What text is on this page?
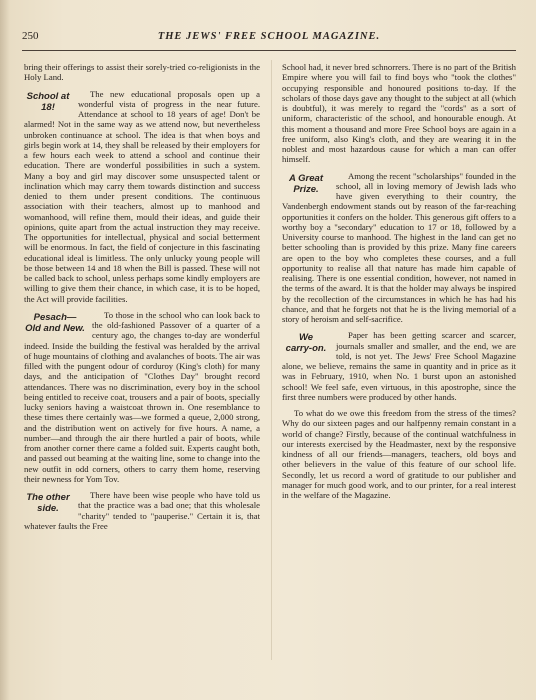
250	THE JEWS' FREE SCHOOL MAGAZINE.

bring their offerings to assist their sorely-tried co-religionists in the Holy Land.

School at
18!
The new educational proposals open up a wonderful vista of progress in the near future. Attendance at school to 18 years of age! Don't be alarmed! Not in the same way as we attend now, but nevertheless unbroken continuance at school. The idea is that when boys and girls begin work at 14, they shall be released by their employers for a few hours each week to attend a school and continue their education. There are wonderful possibilities in such a system. Many a boy and girl may discover some unsuspected talent or inclination which may carry them towards distinction and success denied to them under present conditions. The continuous association with their teachers, almost up to manhood and womanhood, will refine them, mould their ideas, and guide their opinions, quite apart from the actual instruction they may receive. The opportunities for intellectual, physical and social betterment will be enormous. In fact, the field of conjecture in this fascinating educational ideal is limitless. The only unlucky young people will be those between 14 and 18 when the Bill is passed. These will not be called back to school, unless perhaps some kindly employers are willing to give them their chance, in which case, it is to be hoped, the Act will provide facilities.

Pesach—
Old and New.
To those in the school who can look back to the old-fashioned Passover of a quarter of a century ago, the changes to-day are wonderful indeed. Inside the building the festival was heralded by the arrival of huge mountains of clothing and avalanches of boots. The air was filled with the pungent odour of corduroy (King's cloth) for many days, and the anticipation of "Clothes Day" brought record attendances. There was no discrimination, every boy in the school being entitled to receive coat, trousers and a pair of boots, specially lucky seniors having a waistcoat thrown in. One resemblance to these times there certainly was—we formed a queue, 2,000 strong, and the distribution went on actively for five hours. A name, a number—and through the air there hurtled a pair of boots, while from another corner there came a folded suit. Experts caught both, and passed out beaming at the waiting line, some to change into the new outfit in odd corners, others to carry them home, reserving their newness for Yom Tov.

The other
side.
There have been wise people who have told us that the practice was a bad one; that this wholesale "charity" tended to "pauperise." Certain it is, that whatever faults the Free

School had, it never bred schnorrers. There is no part of the British Empire where you will fail to find boys who "took the clothes" occupying responsible and honoured positions to-day. If the scholars of those days gave any thought to the subject at all (which is doubtful), it was merely to regard the "cords" as a sort of uniform, characteristic of the school, and honourable enough. At this moment a thousand and more Free School boys are again in a free uniform, also King's cloth, and they are wearing it in the noblest and most hazardous cause for which a man can offer himself.

A Great
Prize.
Among the recent "scholarships" founded in the school, all in loving memory of Jewish lads who have given everything to their country, the Vandenbergh endowment stands out by reason of the far-reaching opportunities it confers on the holder. This generous gift offers to a worthy boy a "secondary" education to 17 or 18, followed by a University course to manhood. The highest in the land can get no better schooling than is provided by this prize. Many fine careers are open to the boy who completes these courses, and a full opportunity to realise all that nature has made him capable of realising. There is one essential condition, however, not named in the terms of the award. It is that the holder may always be inspired by the recollection of the circumstances in which he has had his chance, and that he forgets not that he is the living memorial of a story of heroism and self-sacrifice.

We
carry-on.
Paper has been getting scarcer and scarcer, journals smaller and smaller, and the end, we are told, is not yet. The Jews' Free School Magazine alone, we believe, remains the same in quantity and in price as it was in February, 1910, when No. 1 burst upon an astonished school! We feel safe, even virtuous, in this apostrophe, since the first three numbers were produced by other hands.

To what do we owe this freedom from the stress of the times? Why do our sixteen pages and our halfpenny remain constant in a world of change? Firstly, because of the continual watchfulness in our interests exercised by the Headmaster, next by the responsive kindness of all our friends—managers, teachers, old boys and other believers in the value of this feature of our school life. Secondly, let us record a word of gratitude to our publisher and manager for much good work, and to our printer, for a real interest in the welfare of the Magazine.
